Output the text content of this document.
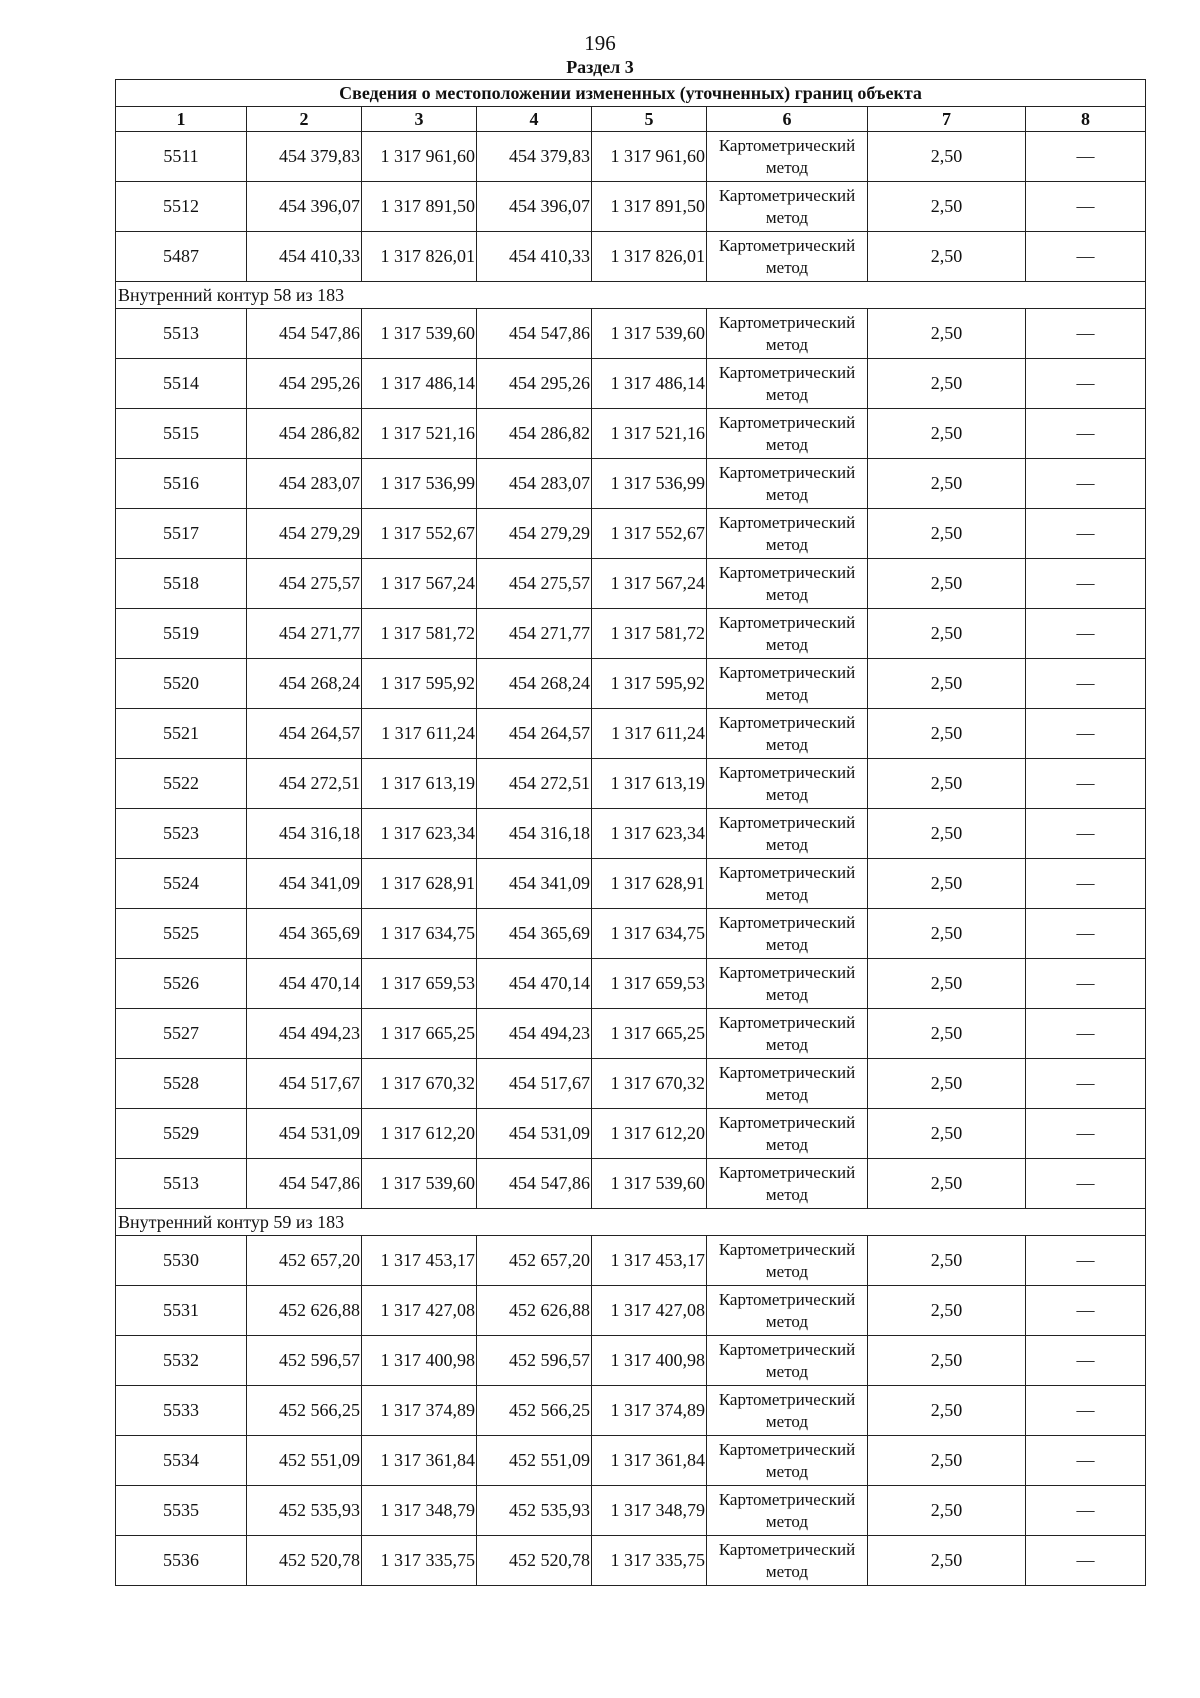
196
Раздел 3
Сведения о местоположении измененных (уточненных) границ объекта							
1	2	3	4	5	6	7	8
5511	454 379,83	1 317 961,60	454 379,83	1 317 961,60	Картометрический метод	2,50	—
5512	454 396,07	1 317 891,50	454 396,07	1 317 891,50	Картометрический метод	2,50	—
5487	454 410,33	1 317 826,01	454 410,33	1 317 826,01	Картометрический метод	2,50	—
Внутренний контур 58 из 183							
5513	454 547,86	1 317 539,60	454 547,86	1 317 539,60	Картометрический метод	2,50	—
5514	454 295,26	1 317 486,14	454 295,26	1 317 486,14	Картометрический метод	2,50	—
5515	454 286,82	1 317 521,16	454 286,82	1 317 521,16	Картометрический метод	2,50	—
5516	454 283,07	1 317 536,99	454 283,07	1 317 536,99	Картометрический метод	2,50	—
5517	454 279,29	1 317 552,67	454 279,29	1 317 552,67	Картометрический метод	2,50	—
5518	454 275,57	1 317 567,24	454 275,57	1 317 567,24	Картометрический метод	2,50	—
5519	454 271,77	1 317 581,72	454 271,77	1 317 581,72	Картометрический метод	2,50	—
5520	454 268,24	1 317 595,92	454 268,24	1 317 595,92	Картометрический метод	2,50	—
5521	454 264,57	1 317 611,24	454 264,57	1 317 611,24	Картометрический метод	2,50	—
5522	454 272,51	1 317 613,19	454 272,51	1 317 613,19	Картометрический метод	2,50	—
5523	454 316,18	1 317 623,34	454 316,18	1 317 623,34	Картометрический метод	2,50	—
5524	454 341,09	1 317 628,91	454 341,09	1 317 628,91	Картометрический метод	2,50	—
5525	454 365,69	1 317 634,75	454 365,69	1 317 634,75	Картометрический метод	2,50	—
5526	454 470,14	1 317 659,53	454 470,14	1 317 659,53	Картометрический метод	2,50	—
5527	454 494,23	1 317 665,25	454 494,23	1 317 665,25	Картометрический метод	2,50	—
5528	454 517,67	1 317 670,32	454 517,67	1 317 670,32	Картометрический метод	2,50	—
5529	454 531,09	1 317 612,20	454 531,09	1 317 612,20	Картометрический метод	2,50	—
5513	454 547,86	1 317 539,60	454 547,86	1 317 539,60	Картометрический метод	2,50	—
Внутренний контур 59 из 183							
5530	452 657,20	1 317 453,17	452 657,20	1 317 453,17	Картометрический метод	2,50	—
5531	452 626,88	1 317 427,08	452 626,88	1 317 427,08	Картометрический метод	2,50	—
5532	452 596,57	1 317 400,98	452 596,57	1 317 400,98	Картометрический метод	2,50	—
5533	452 566,25	1 317 374,89	452 566,25	1 317 374,89	Картометрический метод	2,50	—
5534	452 551,09	1 317 361,84	452 551,09	1 317 361,84	Картометрический метод	2,50	—
5535	452 535,93	1 317 348,79	452 535,93	1 317 348,79	Картометрический метод	2,50	—
5536	452 520,78	1 317 335,75	452 520,78	1 317 335,75	Картометрический метод	2,50	—
